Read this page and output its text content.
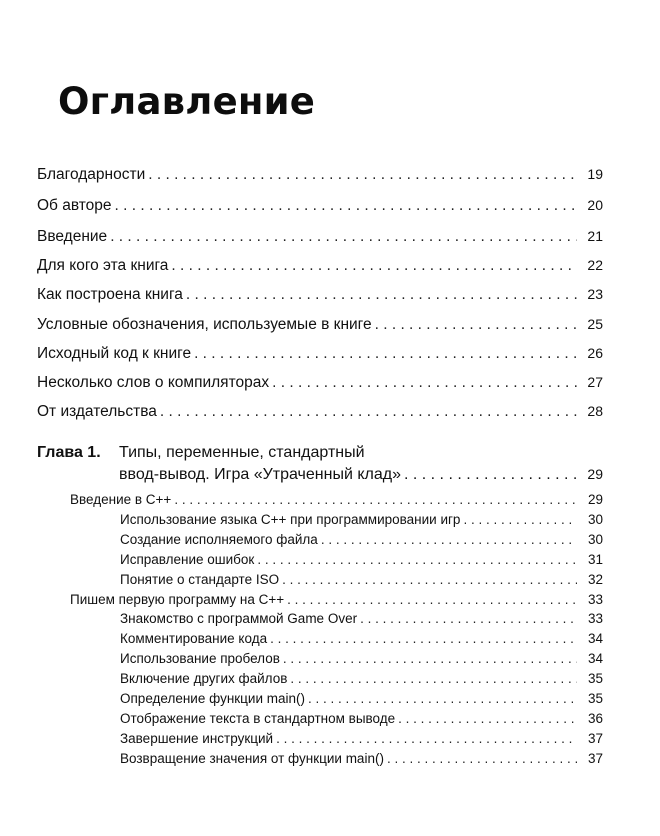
Оглавление
Благодарности . . .	19
Об авторе . . .	20
Введение . . .	21
Для кого эта книга . . .	22
Как построена книга . . .	23
Условные обозначения, используемые в книге . . .	25
Исходный код к книге . . .	26
Несколько слов о компиляторах . . .	27
От издательства . . .	28
Глава 1. Типы, переменные, стандартный
ввод-вывод. Игра «Утраченный клад» . . .	29
Введение в C++ . . .	29
Использование языка C++ при программировании игр . . .	30
Создание исполняемого файла . . .	30
Исправление ошибок . . .	31
Понятие о стандарте ISO . . .	32
Пишем первую программу на C++ . . .	33
Знакомство с программой Game Over . . .	33
Комментирование кода . . .	34
Использование пробелов . . .	34
Включение других файлов . . .	35
Определение функции main() . . .	35
Отображение текста в стандартном выводе . . .	36
Завершение инструкций . . .	37
Возвращение значения от функции main() . . .	37
